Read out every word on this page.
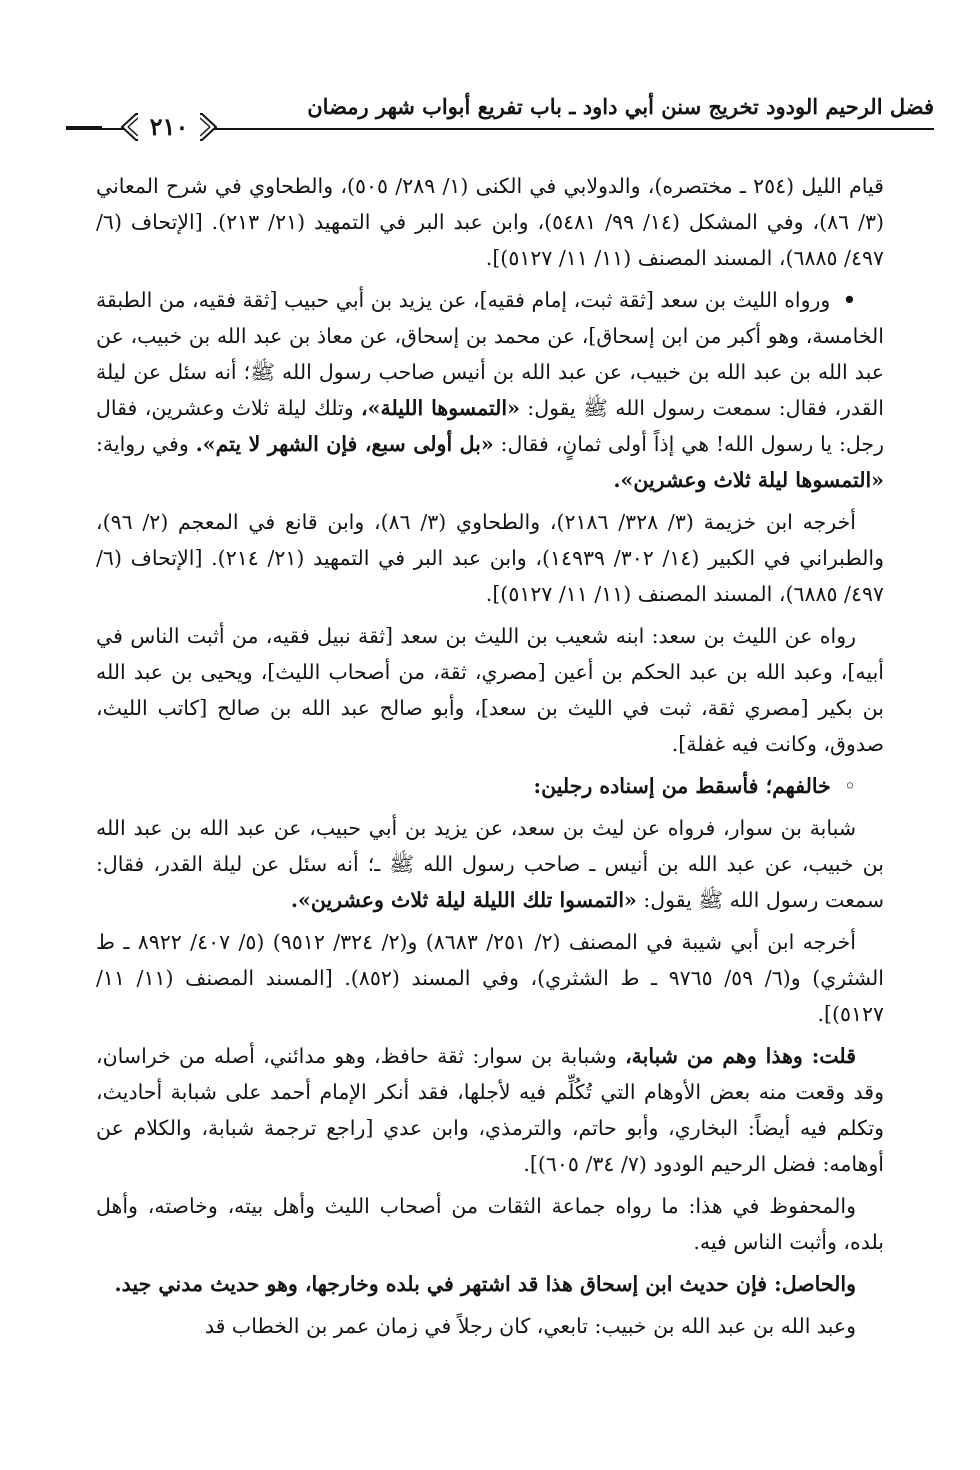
فضل الرحيم الودود تخريج سنن أبي داود ـ باب تفريع أبواب شهر رمضان
٢١٠

قيام الليل (٢٥٤ ـ مختصره)، والدولابي في الكنى (١/ ٢٨٩/ ٥٠٥)، والطحاوي في شرح المعاني (٣/ ٨٦)، وفي المشكل (١٤/ ٩٩/ ٥٤٨١)، وابن عبد البر في التمهيد (٢١/ ٢١٣). [الإتحاف (٦/ ٤٩٧/ ٦٨٨٥)، المسند المصنف (١١/ ١١/ ٥١٢٧)].

• ورواه الليث بن سعد [ثقة ثبت، إمام فقيه]، عن يزيد بن أبي حبيب [ثقة فقيه، من الطبقة الخامسة، وهو أكبر من ابن إسحاق]، عن محمد بن إسحاق، عن معاذ بن عبد الله بن خبيب، عن عبد الله بن عبد الله بن خبيب، عن عبد الله بن أنيس صاحب رسول الله ﷺ؛ أنه سئل عن ليلة القدر، فقال: سمعت رسول الله ﷺ يقول: «التمسوها الليلة»، وتلك ليلة ثلاث وعشرين، فقال رجل: يا رسول الله! هي إذاً أولى ثمانٍ، فقال: «بل أولى سبع، فإن الشهر لا يتم». وفي رواية: «التمسوها ليلة ثلاث وعشرين».

أخرجه ابن خزيمة (٣/ ٣٢٨/ ٢١٨٦)، والطحاوي (٣/ ٨٦)، وابن قانع في المعجم (٢/ ٩٦)، والطبراني في الكبير (١٤/ ٣٠٢/ ١٤٩٣٩)، وابن عبد البر في التمهيد (٢١/ ٢١٤). [الإتحاف (٦/ ٤٩٧/ ٦٨٨٥)، المسند المصنف (١١/ ١١/ ٥١٢٧)].

رواه عن الليث بن سعد: ابنه شعيب بن الليث بن سعد [ثقة نبيل فقيه، من أثبت الناس في أبيه]، وعبد الله بن عبد الحكم بن أعين [مصري، ثقة، من أصحاب الليث]، ويحيى بن عبد الله بن بكير [مصري ثقة، ثبت في الليث بن سعد]، وأبو صالح عبد الله بن صالح [كاتب الليث، صدوق، وكانت فيه غفلة].

◦ خالفهم؛ فأسقط من إسناده رجلين:

شبابة بن سوار، فرواه عن ليث بن سعد، عن يزيد بن أبي حبيب، عن عبد الله بن عبد الله بن خبيب، عن عبد الله بن أنيس ـ صاحب رسول الله ﷺ ـ؛ أنه سئل عن ليلة القدر، فقال: سمعت رسول الله ﷺ يقول: «التمسوا تلك الليلة ليلة ثلاث وعشرين».

أخرجه ابن أبي شيبة في المصنف (٢/ ٢٥١/ ٨٦٨٣) و(٢/ ٣٢٤/ ٩٥١٢) (٥/ ٤٠٧/ ٨٩٢٢ ـ ط الشثري) و(٦/ ٥٩/ ٩٧٦٥ ـ ط الشثري)، وفي المسند (٨٥٢). [المسند المصنف (١١/ ١١/ ٥١٢٧)].

قلت: وهذا وهم من شبابة، وشبابة بن سوار: ثقة حافظ، وهو مدائني، أصله من خراسان، وقد وقعت منه بعض الأوهام التي تُكُلِّم فيه لأجلها، فقد أنكر الإمام أحمد على شبابة أحاديث، وتكلم فيه أيضاً: البخاري، وأبو حاتم، والترمذي، وابن عدي [راجع ترجمة شبابة، والكلام عن أوهامه: فضل الرحيم الودود (٧/ ٣٤/ ٦٠٥)].

والمحفوظ في هذا: ما رواه جماعة الثقات من أصحاب الليث وأهل بيته، وخاصته، وأهل بلده، وأثبت الناس فيه.

والحاصل: فإن حديث ابن إسحاق هذا قد اشتهر في بلده وخارجها، وهو حديث مدني جيد.

وعبد الله بن عبد الله بن خبيب: تابعي، كان رجلاً في زمان عمر بن الخطاب قد
